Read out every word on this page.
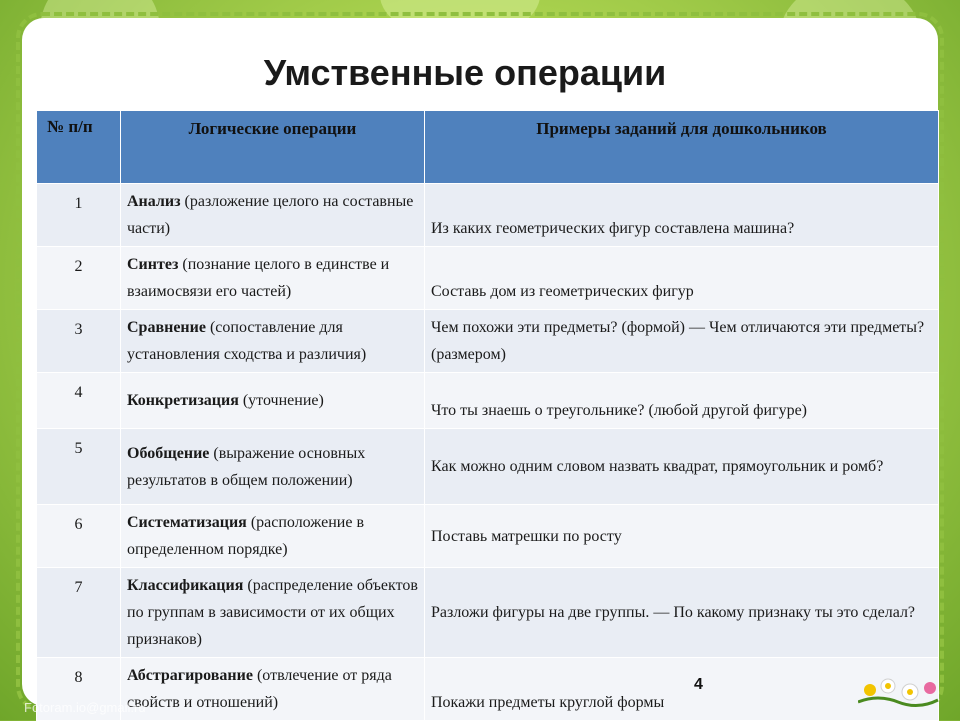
Умственные операции
№ п/п	Логические операции	Примеры заданий для дошкольников
1	Анализ (разложение целого на составные части)	Из каких геометрических фигур составлена машина?
2	Синтез (познание целого в единстве и взаимосвязи его частей)	Составь дом из геометрических фигур
3	Сравнение (сопоставление для установления сходства и различия)	Чем похожи эти предметы? (формой) — Чем отличаются эти предметы? (размером)
4	Конкретизация (уточнение)	Что ты знаешь о треугольнике? (любой другой фигуре)
5	Обобщение (выражение основных результатов в общем положении)	Как можно одним словом назвать квадрат, прямоугольник и ромб?
6	Систематизация (расположение в определенном порядке)	Поставь матрешки по росту
7	Классификация (распределение объектов по группам в зависимости от их общих признаков)	Разложи фигуры на две группы. — По какому признаку ты это сделал?
8	Абстрагирование (отвлечение от ряда свойств и отношений)	Покажи предметы круглой формы
4
Fotoram.io@gmail.ru
